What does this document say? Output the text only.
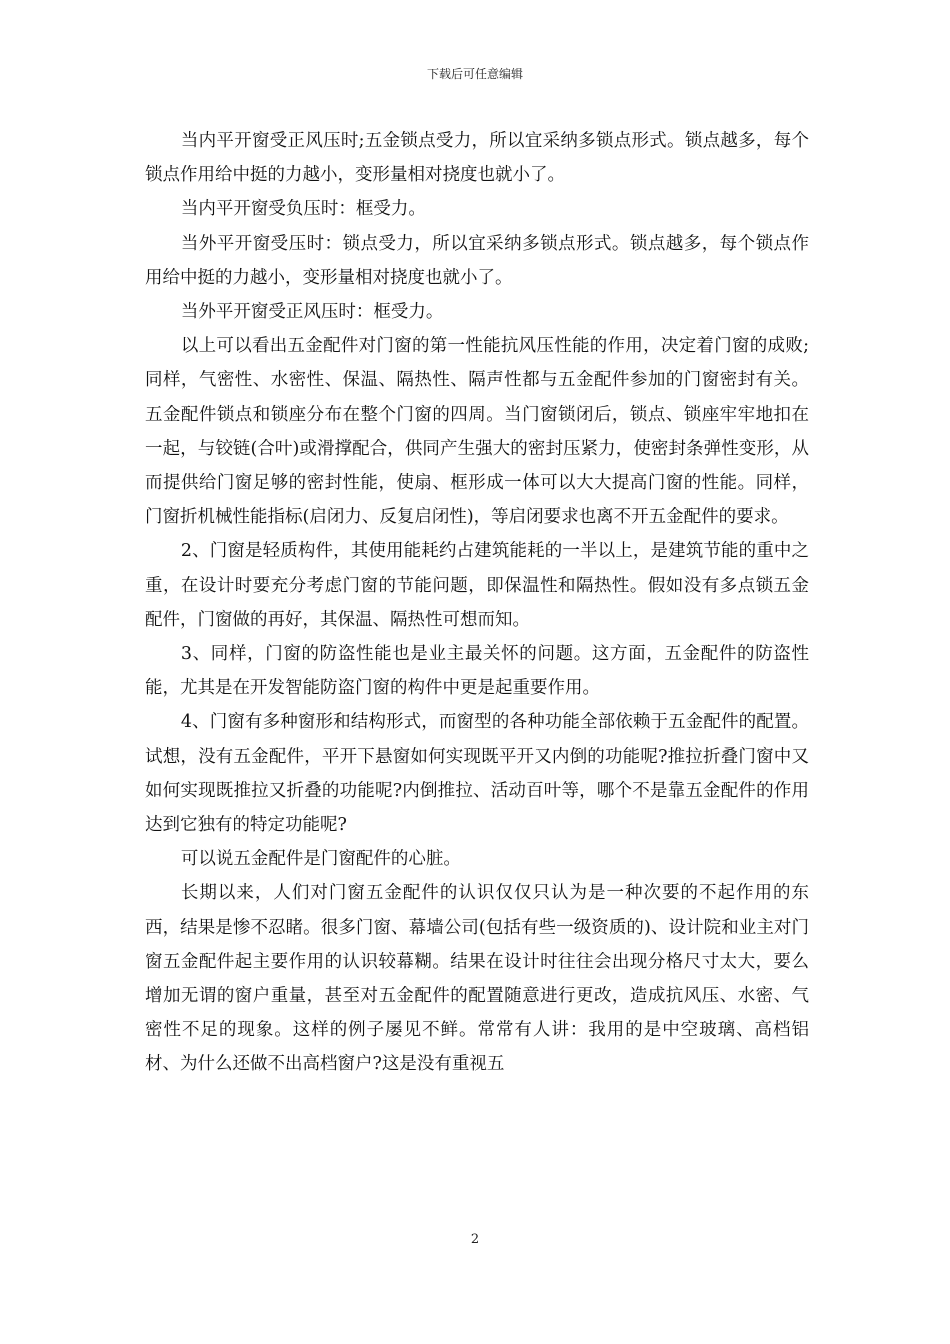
下载后可任意编辑

当内平开窗受正风压时;五金锁点受力，所以宜采纳多锁点形式。锁点越多，每个锁点作用给中挺的力越小，变形量相对挠度也就小了。

当内平开窗受负压时：框受力。

当外平开窗受压时：锁点受力，所以宜采纳多锁点形式。锁点越多，每个锁点作用给中挺的力越小，变形量相对挠度也就小了。

当外平开窗受正风压时：框受力。

以上可以看出五金配件对门窗的第一性能抗风压性能的作用，决定着门窗的成败;同样，气密性、水密性、保温、隔热性、隔声性都与五金配件参加的门窗密封有关。五金配件锁点和锁座分布在整个门窗的四周。当门窗锁闭后，锁点、锁座牢牢地扣在一起，与铰链(合叶)或滑撑配合，供同产生强大的密封压紧力，使密封条弹性变形，从而提供给门窗足够的密封性能，使扇、框形成一体可以大大提高门窗的性能。同样，门窗折机械性能指标(启闭力、反复启闭性)，等启闭要求也离不开五金配件的要求。

2、门窗是轻质构件，其使用能耗约占建筑能耗的一半以上，是建筑节能的重中之重，在设计时要充分考虑门窗的节能问题，即保温性和隔热性。假如没有多点锁五金配件，门窗做的再好，其保温、隔热性可想而知。

3、同样，门窗的防盗性能也是业主最关怀的问题。这方面，五金配件的防盗性能，尤其是在开发智能防盗门窗的构件中更是起重要作用。

4、门窗有多种窗形和结构形式，而窗型的各种功能全部依赖于五金配件的配置。试想，没有五金配件，平开下悬窗如何实现既平开又内倒的功能呢?推拉折叠门窗中又如何实现既推拉又折叠的功能呢?内倒推拉、活动百叶等，哪个不是靠五金配件的作用达到它独有的特定功能呢?

可以说五金配件是门窗配件的心脏。

长期以来，人们对门窗五金配件的认识仅仅只认为是一种次要的不起作用的东西，结果是惨不忍睹。很多门窗、幕墙公司(包括有些一级资质的)、设计院和业主对门窗五金配件起主要作用的认识较幕糊。结果在设计时往往会出现分格尺寸太大，要么增加无谓的窗户重量，甚至对五金配件的配置随意进行更改，造成抗风压、水密、气密性不足的现象。这样的例子屡见不鲜。常常有人讲：我用的是中空玻璃、高档铝材、为什么还做不出高档窗户?这是没有重视五

2
